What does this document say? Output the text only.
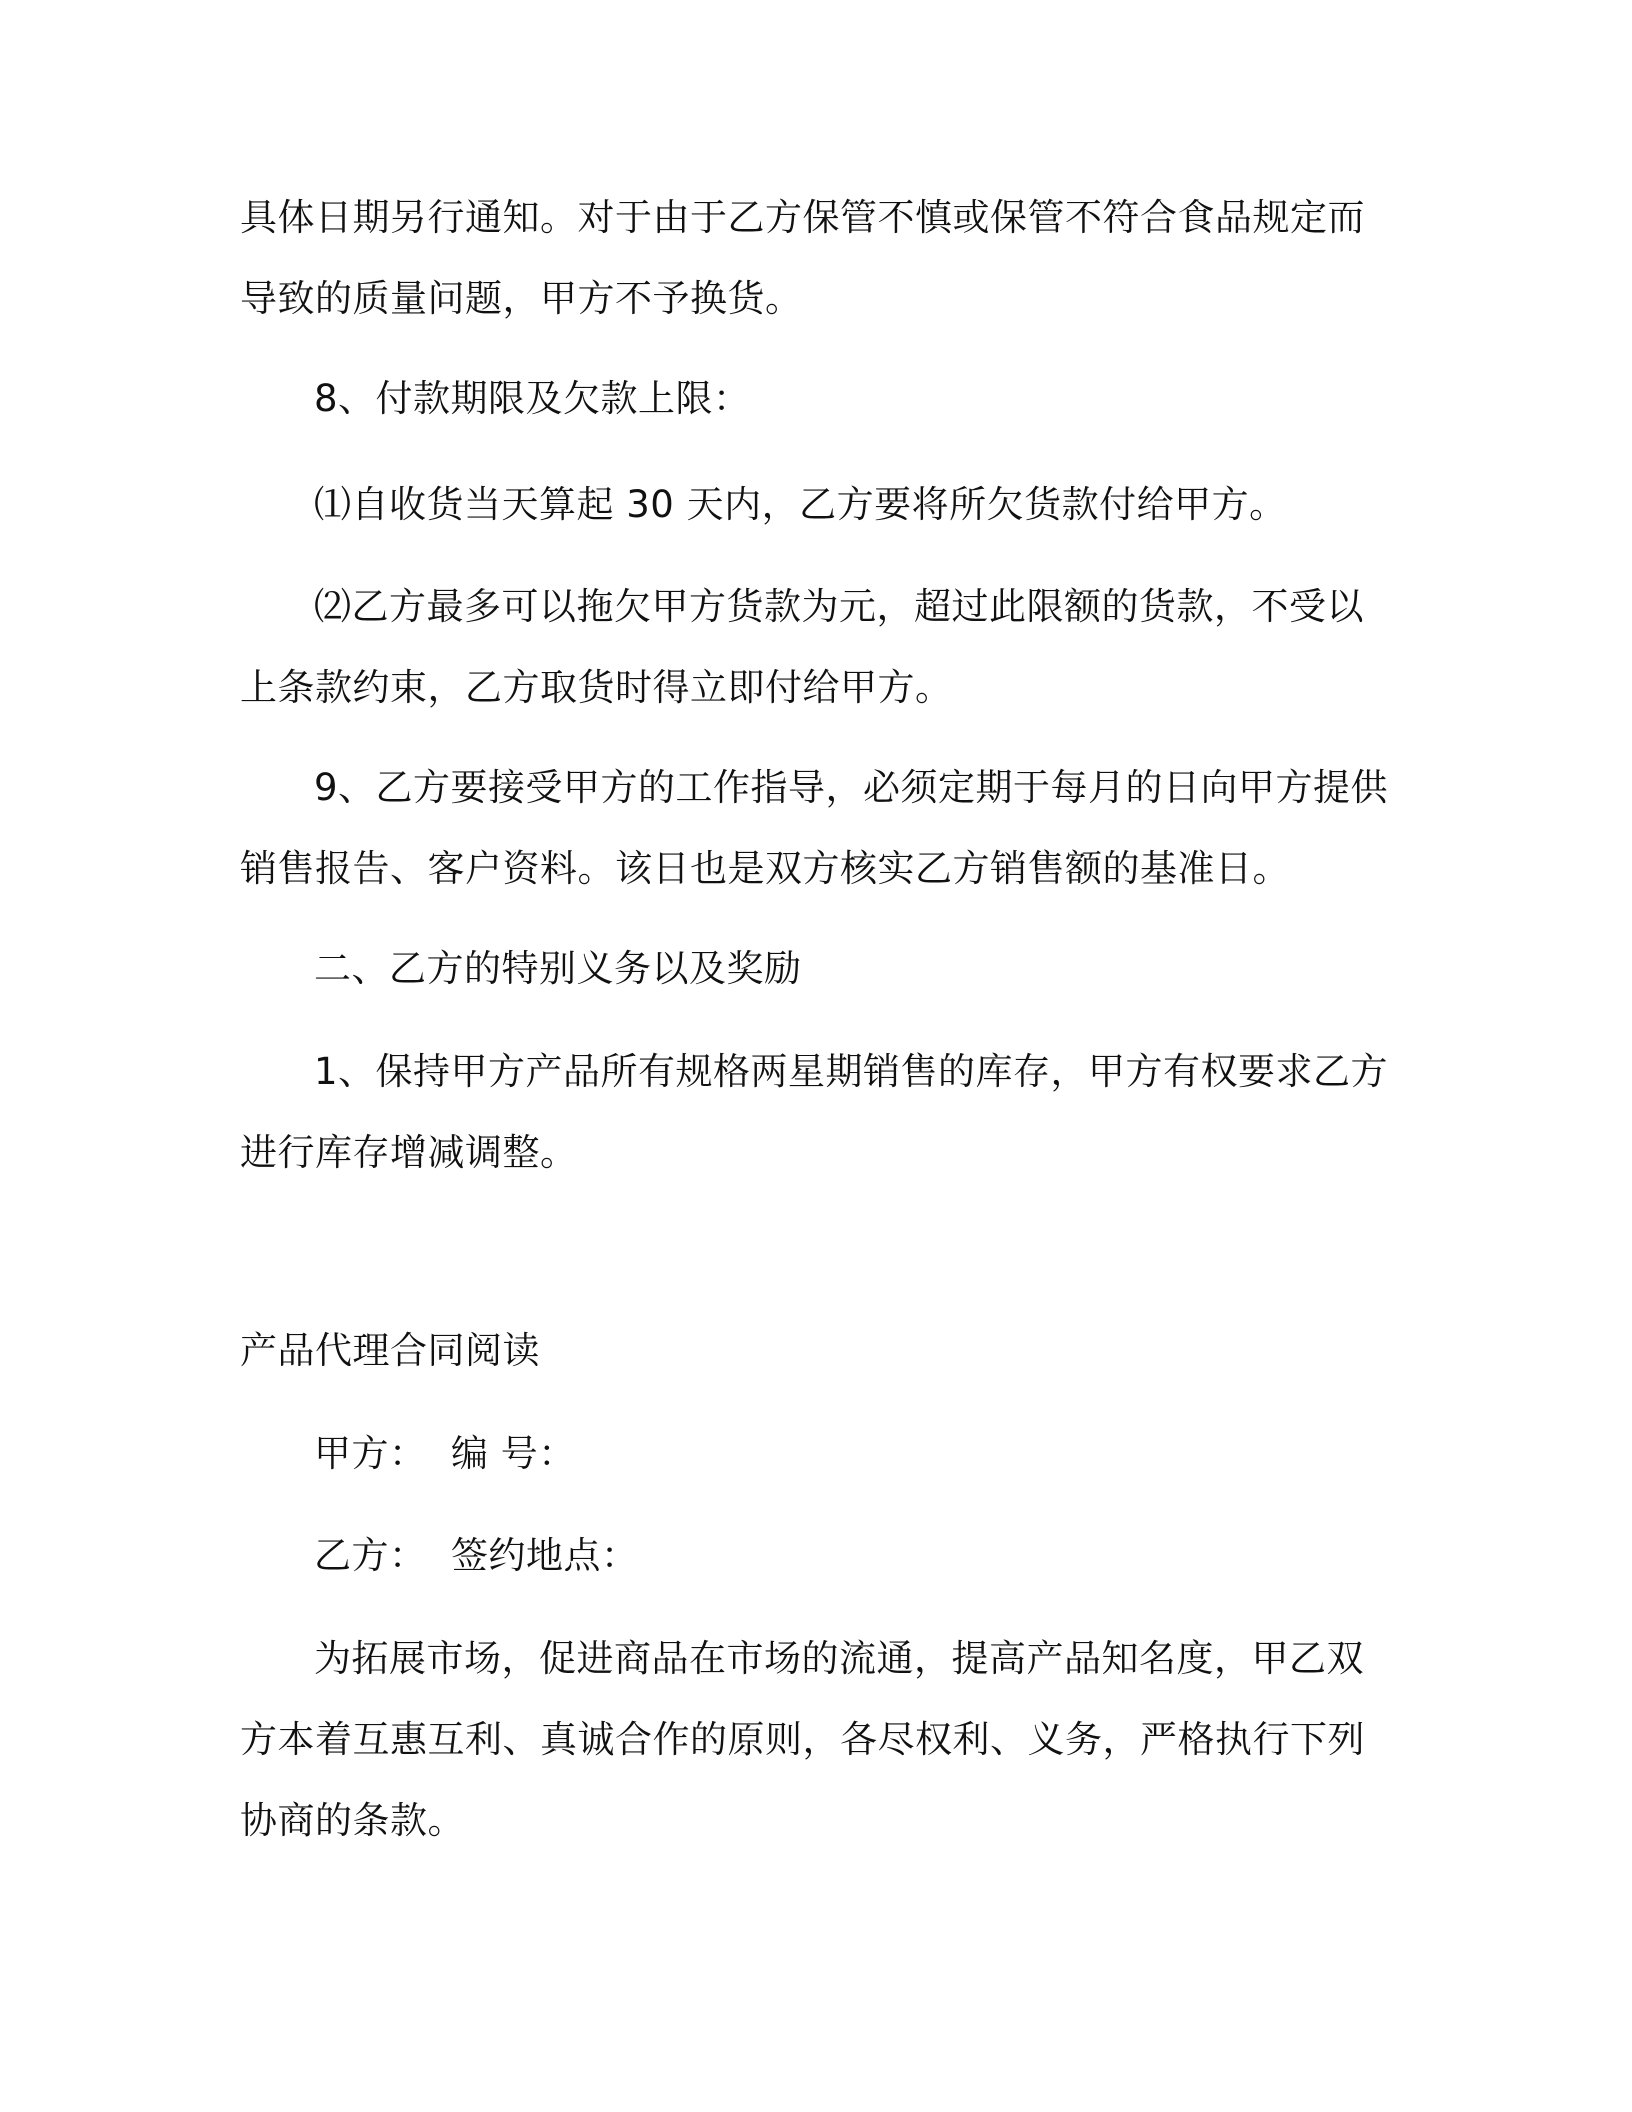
具体日期另行通知。对于由于乙方保管不慎或保管不符合食品规定而
导致的质量问题，甲方不予换货。

8、付款期限及欠款上限：

⑴自收货当天算起 30 天内，乙方要将所欠货款付给甲方。

⑵乙方最多可以拖欠甲方货款为元，超过此限额的货款，不受以
上条款约束，乙方取货时得立即付给甲方。

9、乙方要接受甲方的工作指导，必须定期于每月的日向甲方提供
销售报告、客户资料。该日也是双方核实乙方销售额的基准日。

二、乙方的特别义务以及奖励

1、保持甲方产品所有规格两星期销售的库存，甲方有权要求乙方
进行库存增减调整。

产品代理合同阅读

甲方：  编 号：

乙方：  签约地点：

为拓展市场，促进商品在市场的流通，提高产品知名度，甲乙双
方本着互惠互利、真诚合作的原则，各尽权利、义务，严格执行下列
协商的条款。
